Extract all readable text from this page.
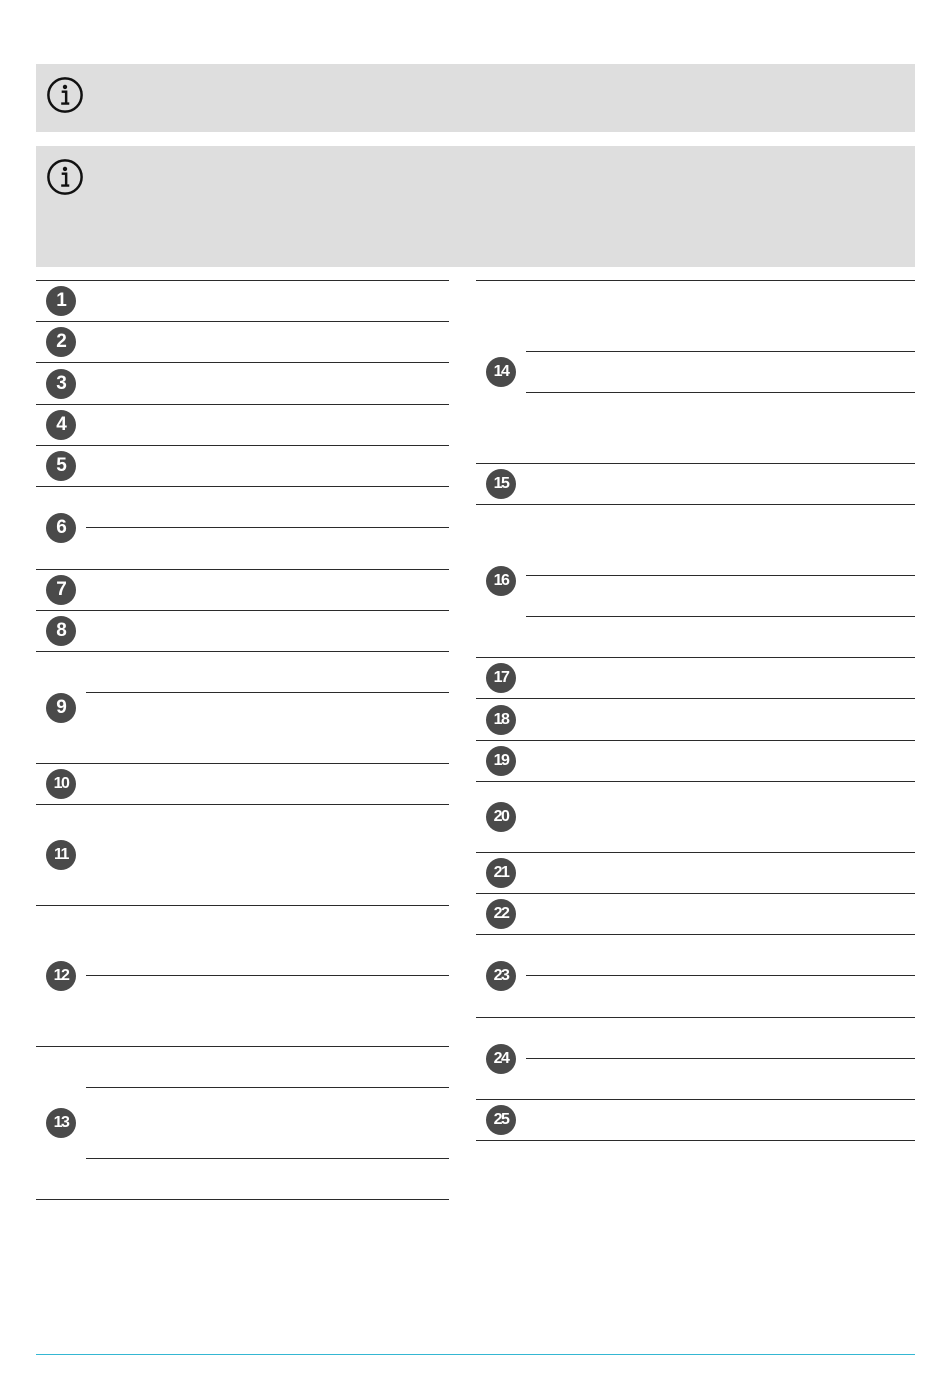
1
2
3
4
5
6
7
8
9
10
11
12
13
14
15
16
17
18
19
20
21
22
23
24
25
